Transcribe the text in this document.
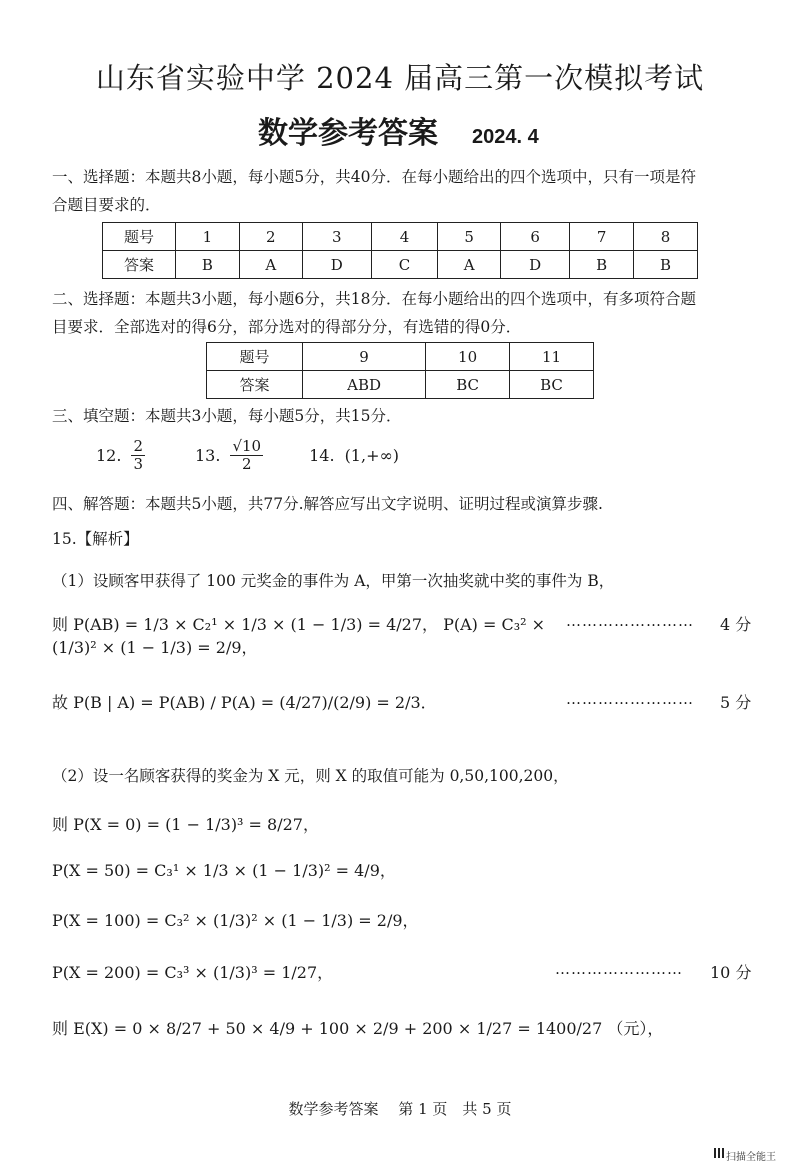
山东省实验中学 2024 届高三第一次模拟考试
数学参考答案 2024. 4
一、选择题：本题共8小题，每小题5分，共40分．在每小题给出的四个选项中，只有一项是符
合题目要求的．
题号	1	2	3	4	5	6	7	8
答案	B	A	D	C	A	D	B	B
二、选择题：本题共3小题，每小题6分，共18分．在每小题给出的四个选项中，有多项符合题
目要求．全部选对的得6分，部分选对的得部分分，有选错的得0分．
题号	9	10	11
答案	ABD	BC	BC
三、填空题：本题共3小题，每小题5分，共15分．
12. $\frac{2}{3}$	13. $\frac{√10}{2}$	14. (1,+∞)
四、解答题：本题共5小题，共77分.解答应写出文字说明、证明过程或演算步骤.
15.【解析】
（1）设顾客甲获得了 100 元奖金的事件为 A，甲第一次抽奖就中奖的事件为 B，
则 P(AB) = 1/3 × C₂¹ × 1/3 × (1 − 1/3) = 4/27， P(A) = C₃² × (1/3)² × (1 − 1/3) = 2/9，
…………………… 4 分
故 P(B | A) = P(AB) / P(A) = (4/27)/(2/9) = 2/3．	…………………… 5 分
（2）设一名顾客获得的奖金为 X 元，则 X 的取值可能为 0,50,100,200，
则 P(X = 0) = (1 − 1/3)³ = 8/27，
P(X = 50) = C₃¹ × 1/3 × (1 − 1/3)² = 4/9，
P(X = 100) = C₃² × (1/3)² × (1 − 1/3) = 2/9，
P(X = 200) = C₃³ × (1/3)³ = 1/27，	…………………… 10 分
则 E(X) = 0 × 8/27 + 50 × 4/9 + 100 × 2/9 + 200 × 1/27 = 1400/27 （元），
数学参考答案　 第 1 页　共 5 页
扫描全能王
